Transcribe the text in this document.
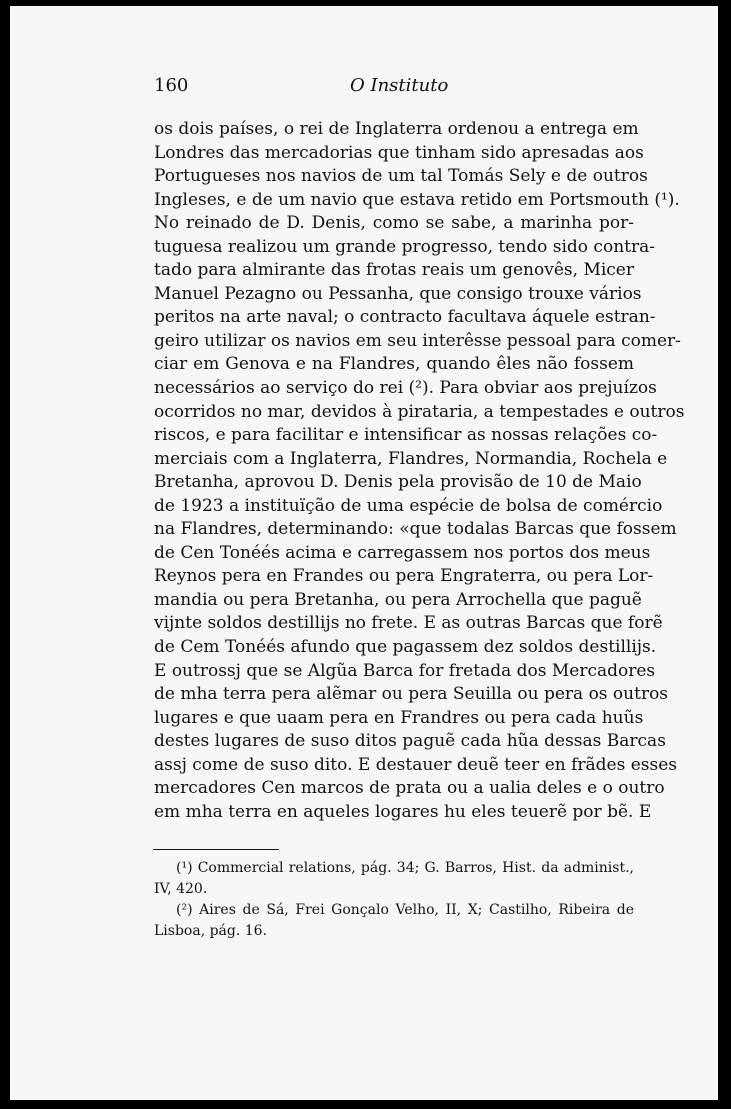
160	O Instituto
os dois países, o rei de Inglaterra ordenou a entrega em
Londres das mercadorias que tinham sido apresadas aos
Portugueses nos navios de um tal Tomás Sely e de outros
Ingleses, e de um navio que estava retido em Portsmouth (¹).
No reinado de D. Denis, como se sabe, a marinha por-
tuguesa realizou um grande progresso, tendo sido contra-
tado para almirante das frotas reais um genovês, Micer
Manuel Pezagno ou Pessanha, que consigo trouxe vários
peritos na arte naval; o contracto facultava áquele estran-
geiro utilizar os navios em seu interêsse pessoal para comer-
ciar em Genova e na Flandres, quando êles não fossem
necessários ao serviço do rei (²). Para obviar aos prejuízos
ocorridos no mar, devidos à pirataria, a tempestades e outros
riscos, e para facilitar e intensificar as nossas relações co-
merciais com a Inglaterra, Flandres, Normandia, Rochela e
Bretanha, aprovou D. Denis pela provisão de 10 de Maio
de 1923 a instituïção de uma espécie de bolsa de comércio
na Flandres, determinando: «que todalas Barcas que fossem
de Cen Tonéés acima e carregassem nos portos dos meus
Reynos pera en Frandes ou pera Engraterra, ou pera Lor-
mandia ou pera Bretanha, ou pera Arrochella que paguẽ
vijnte soldos destillijs no frete. E as outras Barcas que forẽ
de Cem Tonéés afundo que pagassem dez soldos destillijs.
E outrossj que se Algũa Barca for fretada dos Mercadores
de mha terra pera alẽmar ou pera Seuilla ou pera os outros
lugares e que uaam pera en Frandres ou pera cada huũs
destes lugares de suso ditos paguẽ cada hũa dessas Barcas
assj come de suso dito. E destauer deuẽ teer en frãdes esses
mercadores Cen marcos de prata ou a ualia deles e o outro
em mha terra en aqueles logares hu eles teuerẽ por bẽ. E
(¹) Commercial relations, pág. 34; G. Barros, Hist. da administ.,
IV, 420.
(²) Aires de Sá, Frei Gonçalo Velho, II, X; Castilho, Ribeira de
Lisboa, pág. 16.
